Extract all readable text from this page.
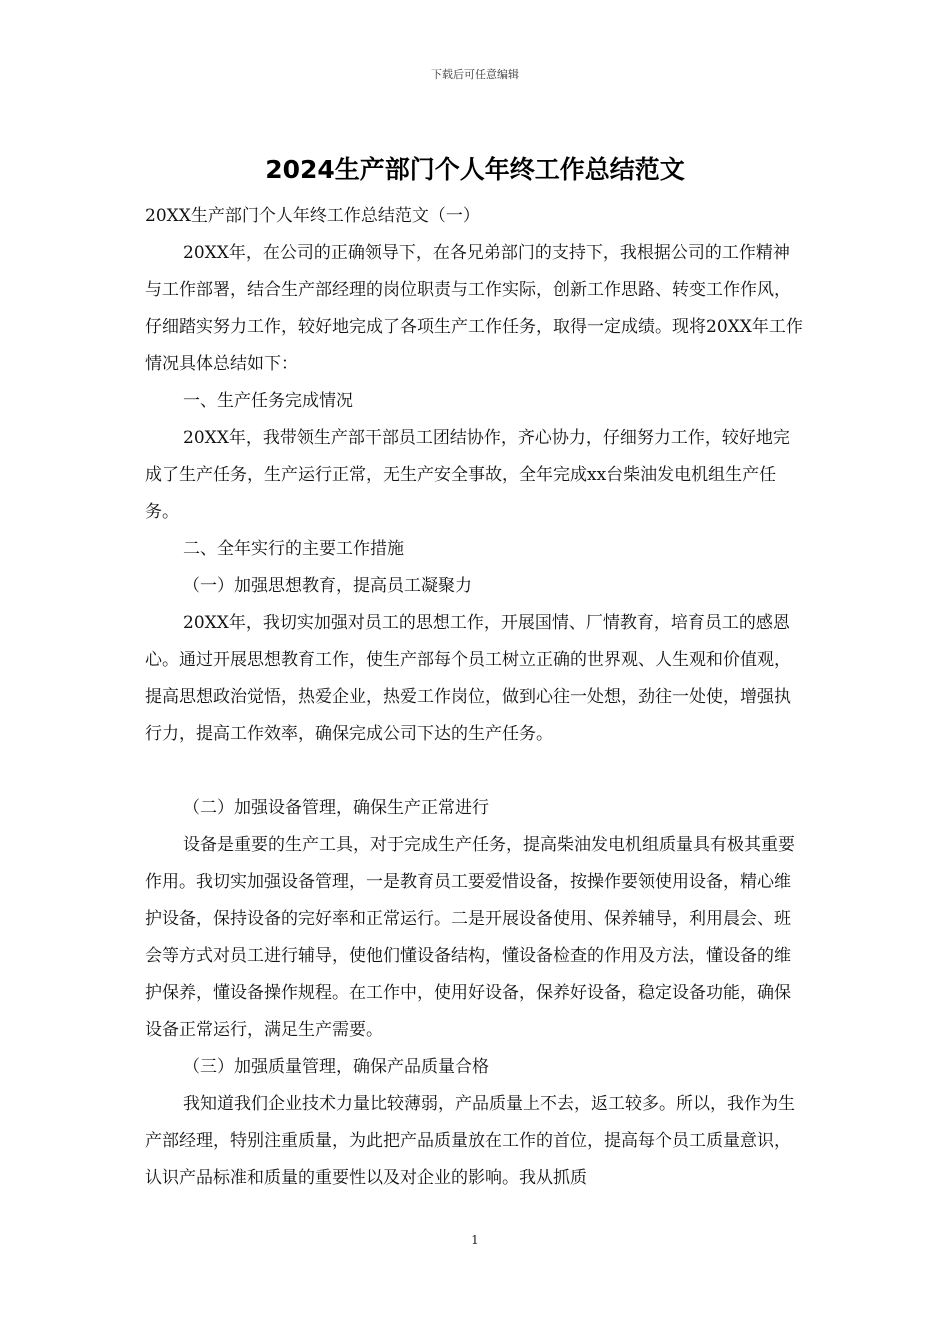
下载后可任意编辑
2024生产部门个人年终工作总结范文

20XX生产部门个人年终工作总结范文（一）

20XX年，在公司的正确领导下，在各兄弟部门的支持下，我根据公司的工作精神与工作部署，结合生产部经理的岗位职责与工作实际，创新工作思路、转变工作作风，仔细踏实努力工作，较好地完成了各项生产工作任务，取得一定成绩。现将20XX年工作情况具体总结如下：

一、生产任务完成情况

20XX年，我带领生产部干部员工团结协作，齐心协力，仔细努力工作，较好地完成了生产任务，生产运行正常，无生产安全事故，全年完成xx台柴油发电机组生产任务。

二、全年实行的主要工作措施

（一）加强思想教育，提高员工凝聚力

20XX年，我切实加强对员工的思想工作，开展国情、厂情教育，培育员工的感恩心。通过开展思想教育工作，使生产部每个员工树立正确的世界观、人生观和价值观，提高思想政治觉悟，热爱企业，热爱工作岗位，做到心往一处想，劲往一处使，增强执行力，提高工作效率，确保完成公司下达的生产任务。

（二）加强设备管理，确保生产正常进行

设备是重要的生产工具，对于完成生产任务，提高柴油发电机组质量具有极其重要作用。我切实加强设备管理，一是教育员工要爱惜设备，按操作要领使用设备，精心维护设备，保持设备的完好率和正常运行。二是开展设备使用、保养辅导，利用晨会、班会等方式对员工进行辅导，使他们懂设备结构，懂设备检查的作用及方法，懂设备的维护保养，懂设备操作规程。在工作中，使用好设备，保养好设备，稳定设备功能，确保设备正常运行，满足生产需要。

（三）加强质量管理，确保产品质量合格

我知道我们企业技术力量比较薄弱，产品质量上不去，返工较多。所以，我作为生产部经理，特别注重质量，为此把产品质量放在工作的首位，提高每个员工质量意识，认识产品标准和质量的重要性以及对企业的影响。我从抓质

1
